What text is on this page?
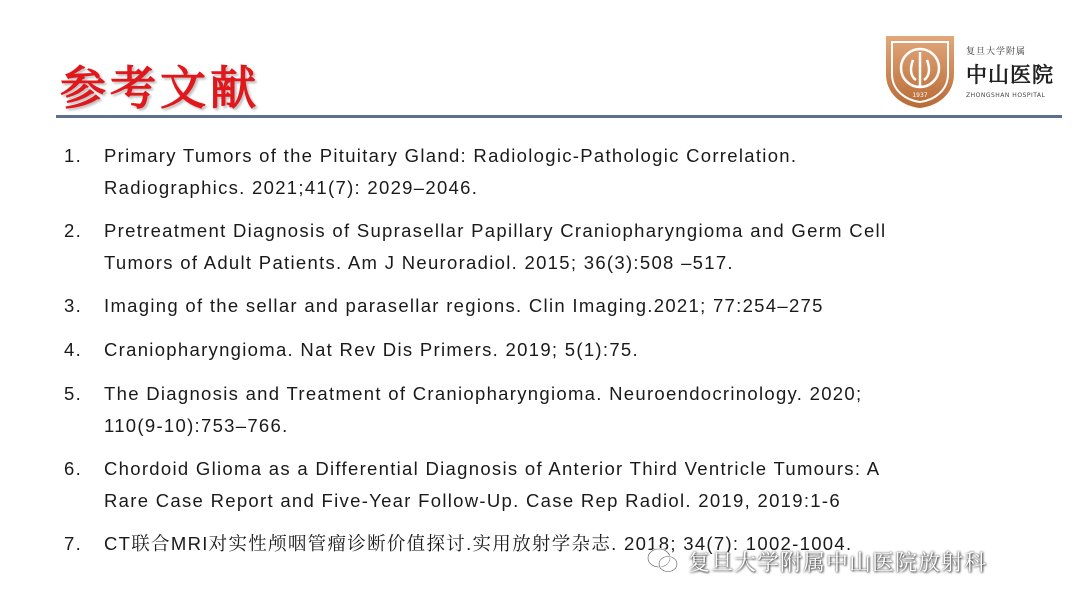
参考文献	1937
复旦大学附属
中山医院
ZHONGSHAN HOSPITAL
1. Primary Tumors of the Pituitary Gland: Radiologic-Pathologic Correlation.
Radiographics. 2021;41(7): 2029–2046.
2. Pretreatment Diagnosis of Suprasellar Papillary Craniopharyngioma and Germ Cell
Tumors of Adult Patients. Am J Neuroradiol. 2015; 36(3):508 –517.
3. Imaging of the sellar and parasellar regions. Clin Imaging.2021; 77:254–275
4. Craniopharyngioma. Nat Rev Dis Primers. 2019; 5(1):75.
5. The Diagnosis and Treatment of Craniopharyngioma. Neuroendocrinology. 2020;
110(9-10):753–766.
6. Chordoid Glioma as a Differential Diagnosis of Anterior Third Ventricle Tumours: A
Rare Case Report and Five-Year Follow-Up. Case Rep Radiol. 2019, 2019:1-6
7. CT联合MRI对实性颅咽管瘤诊断价值探讨.实用放射学杂志. 2018; 34(7): 1002-1004.
复旦大学附属中山医院放射科
